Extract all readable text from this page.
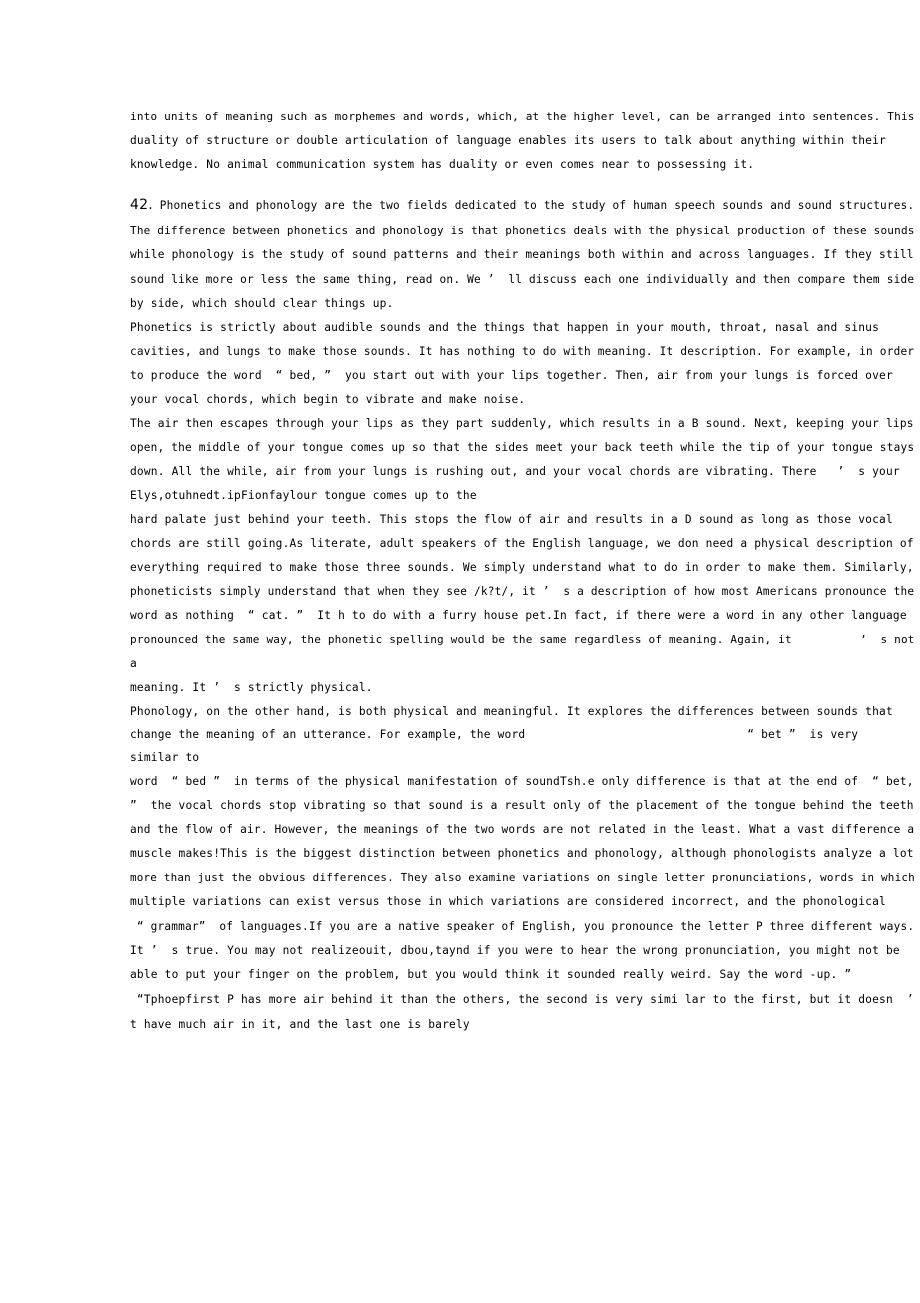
into units of meaning such as morphemes and words, which, at the higher level, can be arranged into sentences. This
duality of structure or double articulation of language enables its users to talk about anything within their
knowledge. No animal communication system has duality or even comes near to possessing it.
42. Phonetics and phonology are the two fields dedicated to the study of human speech sounds and sound structures.
The difference between phonetics and phonology is that phonetics deals with the physical production of these sounds
while phonology is the study of sound patterns and their meanings both within and across languages. If they still
sound like more or less the same thing, read on. We ’  ll discuss each one individually and then compare them side
by side, which should clear things up.
Phonetics is strictly about audible sounds and the things that happen in your mouth, throat, nasal and sinus
cavities, and lungs to make those sounds. It has nothing to do with meaning. It description. For example, in order
to produce the word  “ bed, ”  you start out with your lips together. Then, air from your lungs is forced over
your vocal chords, which begin to vibrate and make noise.
The air then escapes through your lips as they part suddenly, which results in a B sound. Next, keeping your lips
open, the middle of your tongue comes up so that the sides meet your back teeth while the tip of your tongue stays
down. All the while, air from your lungs is rushing out, and your vocal chords are vibrating. There   ’  s your
Elys,otuhnedt.ipFionfaylour tongue comes up to the
hard palate just behind your teeth. This stops the flow of air and results in a D sound as long as those vocal
chords are still going.As literate, adult speakers of the English language, we don need a physical description of
everything required to make those three sounds. We simply understand what to do in order to make them. Similarly,
phoneticists simply understand that when they see /k?t/, it ’  s a description of how most Americans pronounce the
word as nothing  “ cat. ”  It h to do with a furry house pet.In fact, if there were a word in any other language
pronounced the same way, the phonetic spelling would be the same regardless of meaning. Again, it          ’  s not
a
meaning. It ’  s strictly physical.
Phonology, on the other hand, is both physical and meaningful. It explores the differences between sounds that
change the meaning of an utterance. For example, the word                                “ bet ”  is very
similar to
word  “ bed ”  in terms of the physical manifestation of soundTsh.e only difference is that at the end of  “ bet,
”  the vocal chords stop vibrating so that sound is a result only of the placement of the tongue behind the teeth
and the flow of air. However, the meanings of the two words are not related in the least. What a vast difference a
muscle makes!This is the biggest distinction between phonetics and phonology, although phonologists analyze a lot
more than just the obvious differences. They also examine variations on single letter pronunciations, words in which
multiple variations can exist versus those in which variations are considered incorrect, and the phonological
“ grammar”  of languages.If you are a native speaker of English, you pronounce the letter P three different ways.
It ’  s true. You may not realizeouit, dbou,taynd if you were to hear the wrong pronunciation, you might not be
able to put your finger on the problem, but you would think it sounded really weird. Say the word -up. ”
“Tphoepfirst P has more air behind it than the others, the second is very simi lar to the first, but it doesn  ’
t have much air in it, and the last one is barely
